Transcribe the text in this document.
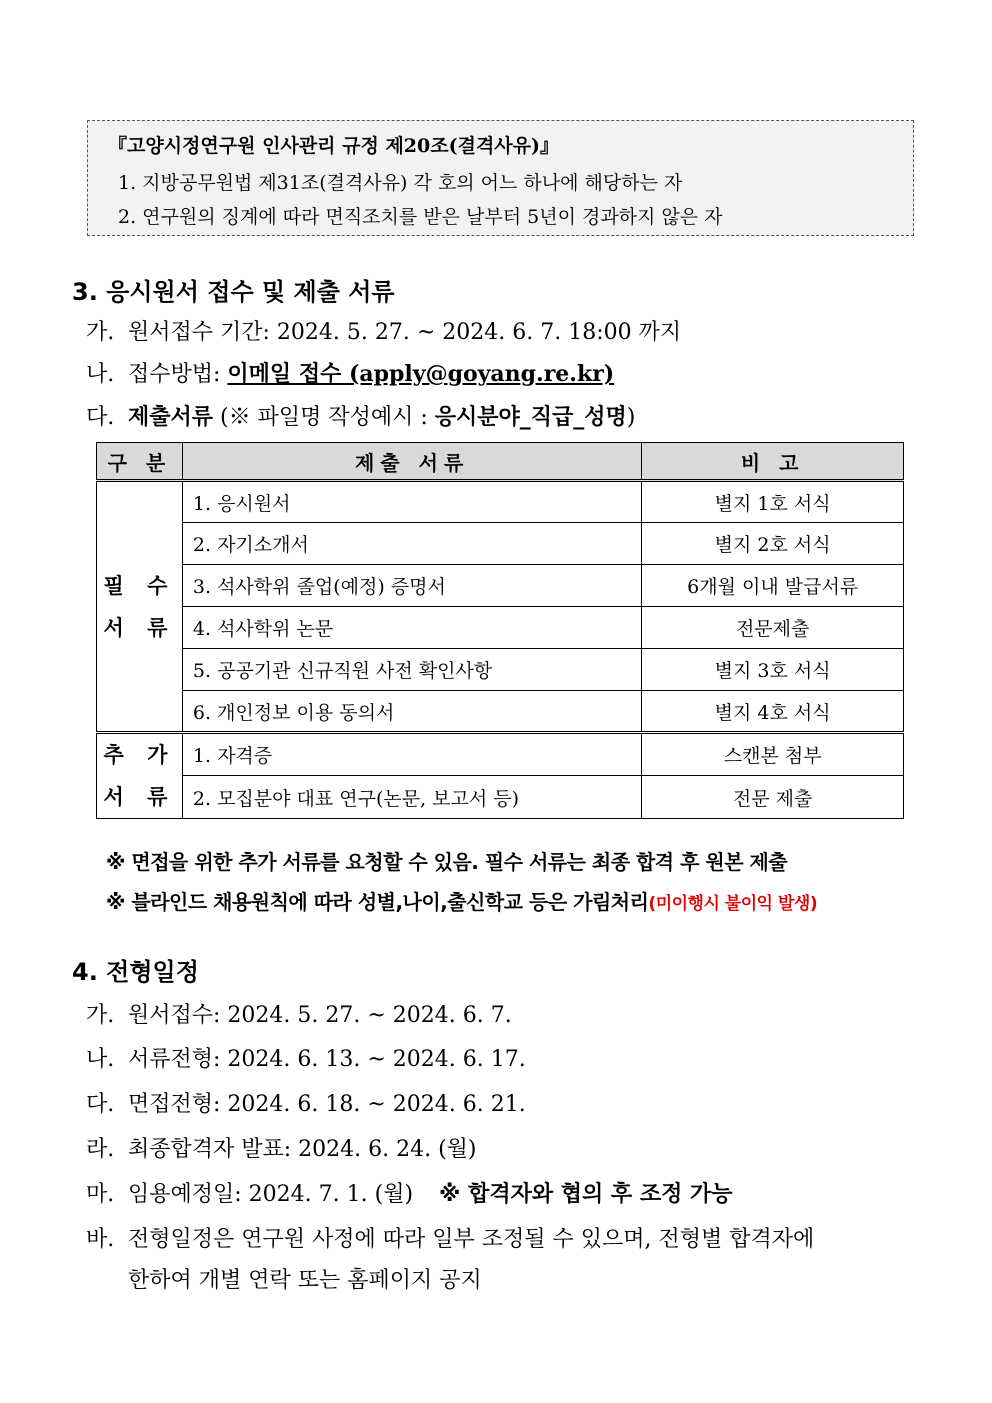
『고양시정연구원 인사관리 규정 제20조(결격사유)』
1. 지방공무원법 제31조(결격사유) 각 호의 어느 하나에 해당하는 자
2. 연구원의 징계에 따라 면직조치를 받은 날부터 5년이 경과하지 않은 자
3. 응시원서 접수 및 제출 서류
가. 원서접수 기간: 2024. 5. 27. ~ 2024. 6. 7. 18:00 까지
나. 접수방법: 이메일 접수 (apply@goyang.re.kr)
다. 제출서류 (※ 파일명 작성예시 : 응시분야_직급_성명)
구 분	제출 서류	비 고
필 수 서 류	1. 응시원서	별지 1호 서식
	2. 자기소개서	별지 2호 서식
	3. 석사학위 졸업(예정) 증명서	6개월 이내 발급서류
	4. 석사학위 논문	전문제출
	5. 공공기관 신규직원 사전 확인사항	별지 3호 서식
	6. 개인정보 이용 동의서	별지 4호 서식
추 가 서 류	1. 자격증	스캔본 첨부
	2. 모집분야 대표 연구(논문, 보고서 등)	전문 제출
※ 면접을 위한 추가 서류를 요청할 수 있음. 필수 서류는 최종 합격 후 원본 제출
※ 블라인드 채용원칙에 따라 성별,나이,출신학교 등은 가림처리(미이행시 불이익 발생)
4. 전형일정
가. 원서접수: 2024. 5. 27. ~ 2024. 6. 7.
나. 서류전형: 2024. 6. 13. ~ 2024. 6. 17.
다. 면접전형: 2024. 6. 18. ~ 2024. 6. 21.
라. 최종합격자 발표: 2024. 6. 24. (월)
마. 임용예정일: 2024. 7. 1. (월) ※ 합격자와 협의 후 조정 가능
바. 전형일정은 연구원 사정에 따라 일부 조정될 수 있으며, 전형별 합격자에
한하여 개별 연락 또는 홈페이지 공지
